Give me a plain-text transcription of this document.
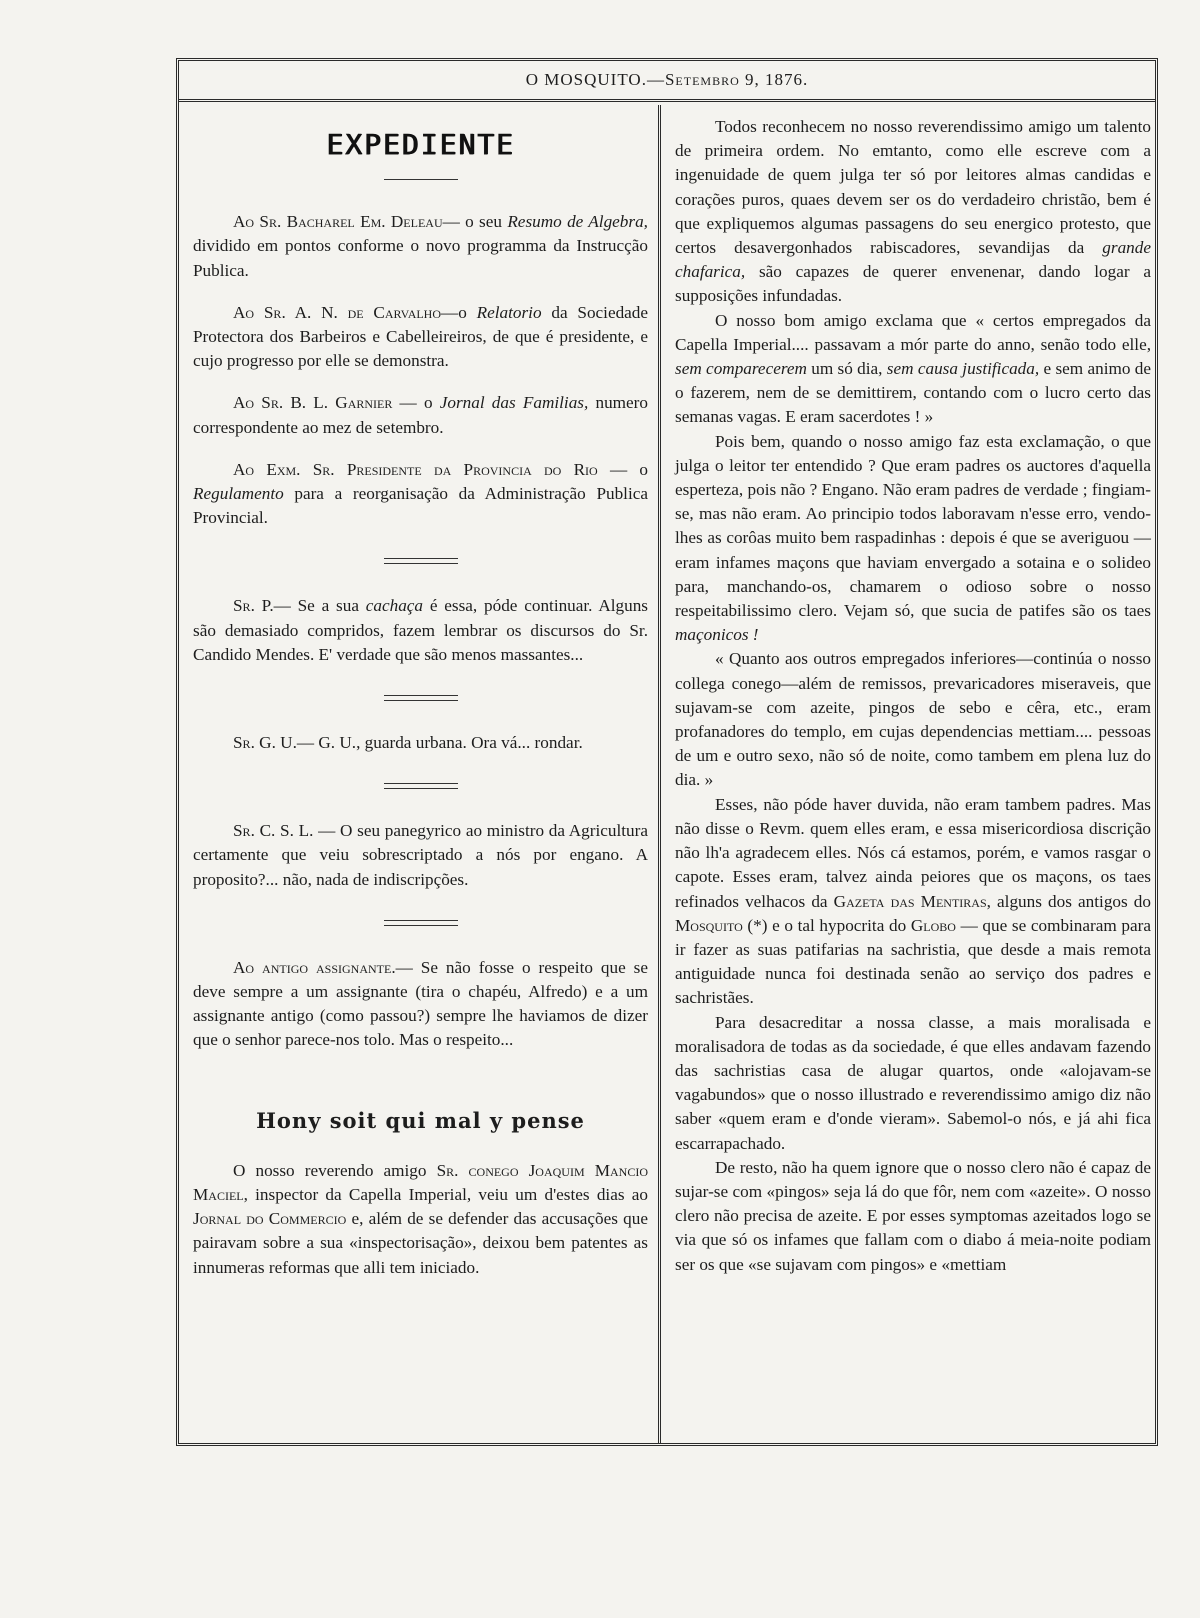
O MOSQUITO.—Setembro 9, 1876.
EXPEDIENTE

Ao Sr. Bacharel Em. Deleau— o seu Resumo de Algebra, dividido em pontos conforme o novo programma da Instrucção Publica.

Ao Sr. A. N. de Carvalho—o Relatorio da Sociedade Protectora dos Barbeiros e Cabelleireiros, de que é presidente, e cujo progresso por elle se demonstra.

Ao Sr. B. L. Garnier — o Jornal das Familias, numero correspondente ao mez de setembro.

Ao Exm. Sr. Presidente da Provincia do Rio — o Regulamento para a reorganisação da Administração Publica Provincial.

Sr. P.— Se a sua cachaça é essa, póde continuar. Alguns são demasiado compridos, fazem lembrar os discursos do Sr. Candido Mendes. E' verdade que são menos massantes...

Sr. G. U.— G. U., guarda urbana. Ora vá... rondar.

Sr. C. S. L. — O seu panegyrico ao ministro da Agricultura certamente que veiu sobrescriptado a nós por engano. A proposito?... não, nada de indiscripções.

Ao antigo assignante.— Se não fosse o respeito que se deve sempre a um assignante (tira o chapéu, Alfredo) e a um assignante antigo (como passou?) sempre lhe haviamos de dizer que o senhor parece-nos tolo. Mas o respeito...

Hony soit qui mal y pense

O nosso reverendo amigo Sr. conego Joaquim Mancio Maciel, inspector da Capella Imperial, veiu um d'estes dias ao Jornal do Commercio e, além de se defender das accusações que pairavam sobre a sua «inspectorisação», deixou bem patentes as innumeras reformas que alli tem iniciado.

Todos reconhecem no nosso reverendissimo amigo um talento de primeira ordem. No emtanto, como elle escreve com a ingenuidade de quem julga ter só por leitores almas candidas e corações puros, quaes devem ser os do verdadeiro christão, bem é que expliquemos algumas passagens do seu energico protesto, que certos desavergonhados rabiscadores, sevandijas da grande chafarica, são capazes de querer envenenar, dando logar a supposições infundadas.

O nosso bom amigo exclama que « certos empregados da Capella Imperial.... passavam a mór parte do anno, senão todo elle, sem comparecerem um só dia, sem causa justificada, e sem animo de o fazerem, nem de se demittirem, contando com o lucro certo das semanas vagas. E eram sacerdotes ! »

Pois bem, quando o nosso amigo faz esta exclamação, o que julga o leitor ter entendido ? Que eram padres os auctores d'aquella esperteza, pois não ? Engano. Não eram padres de verdade ; fingiam-se, mas não eram. Ao principio todos laboravam n'esse erro, vendo-lhes as corôas muito bem raspadinhas : depois é que se averiguou — eram infames maçons que haviam envergado a sotaina e o solideo para, manchando-os, chamarem o odioso sobre o nosso respeitabilissimo clero. Vejam só, que sucia de patifes são os taes maçonicos !

« Quanto aos outros empregados inferiores—continúa o nosso collega conego—além de remissos, prevaricadores miseraveis, que sujavam-se com azeite, pingos de sebo e cêra, etc., eram profanadores do templo, em cujas dependencias mettiam.... pessoas de um e outro sexo, não só de noite, como tambem em plena luz do dia. »

Esses, não póde haver duvida, não eram tambem padres. Mas não disse o Revm. quem elles eram, e essa misericordiosa discrição não lh'a agradecem elles. Nós cá estamos, porém, e vamos rasgar o capote. Esses eram, talvez ainda peiores que os maçons, os taes refinados velhacos da Gazeta das Mentiras, alguns dos antigos do Mosquito (*) e o tal hypocrita do Globo — que se combinaram para ir fazer as suas patifarias na sachristia, que desde a mais remota antiguidade nunca foi destinada senão ao serviço dos padres e sachristães.

Para desacreditar a nossa classe, a mais moralisada e moralisadora de todas as da sociedade, é que elles andavam fazendo das sachristias casa de alugar quartos, onde «alojavam-se vagabundos» que o nosso illustrado e reverendissimo amigo diz não saber «quem eram e d'onde vieram». Sabemol-o nós, e já ahi fica escarrapachado.

De resto, não ha quem ignore que o nosso clero não é capaz de sujar-se com «pingos» seja lá do que fôr, nem com «azeite». O nosso clero não precisa de azeite. E por esses symptomas azeitados logo se via que só os infames que fallam com o diabo á meia-noite podiam ser os que «se sujavam com pingos» e «mettiam
